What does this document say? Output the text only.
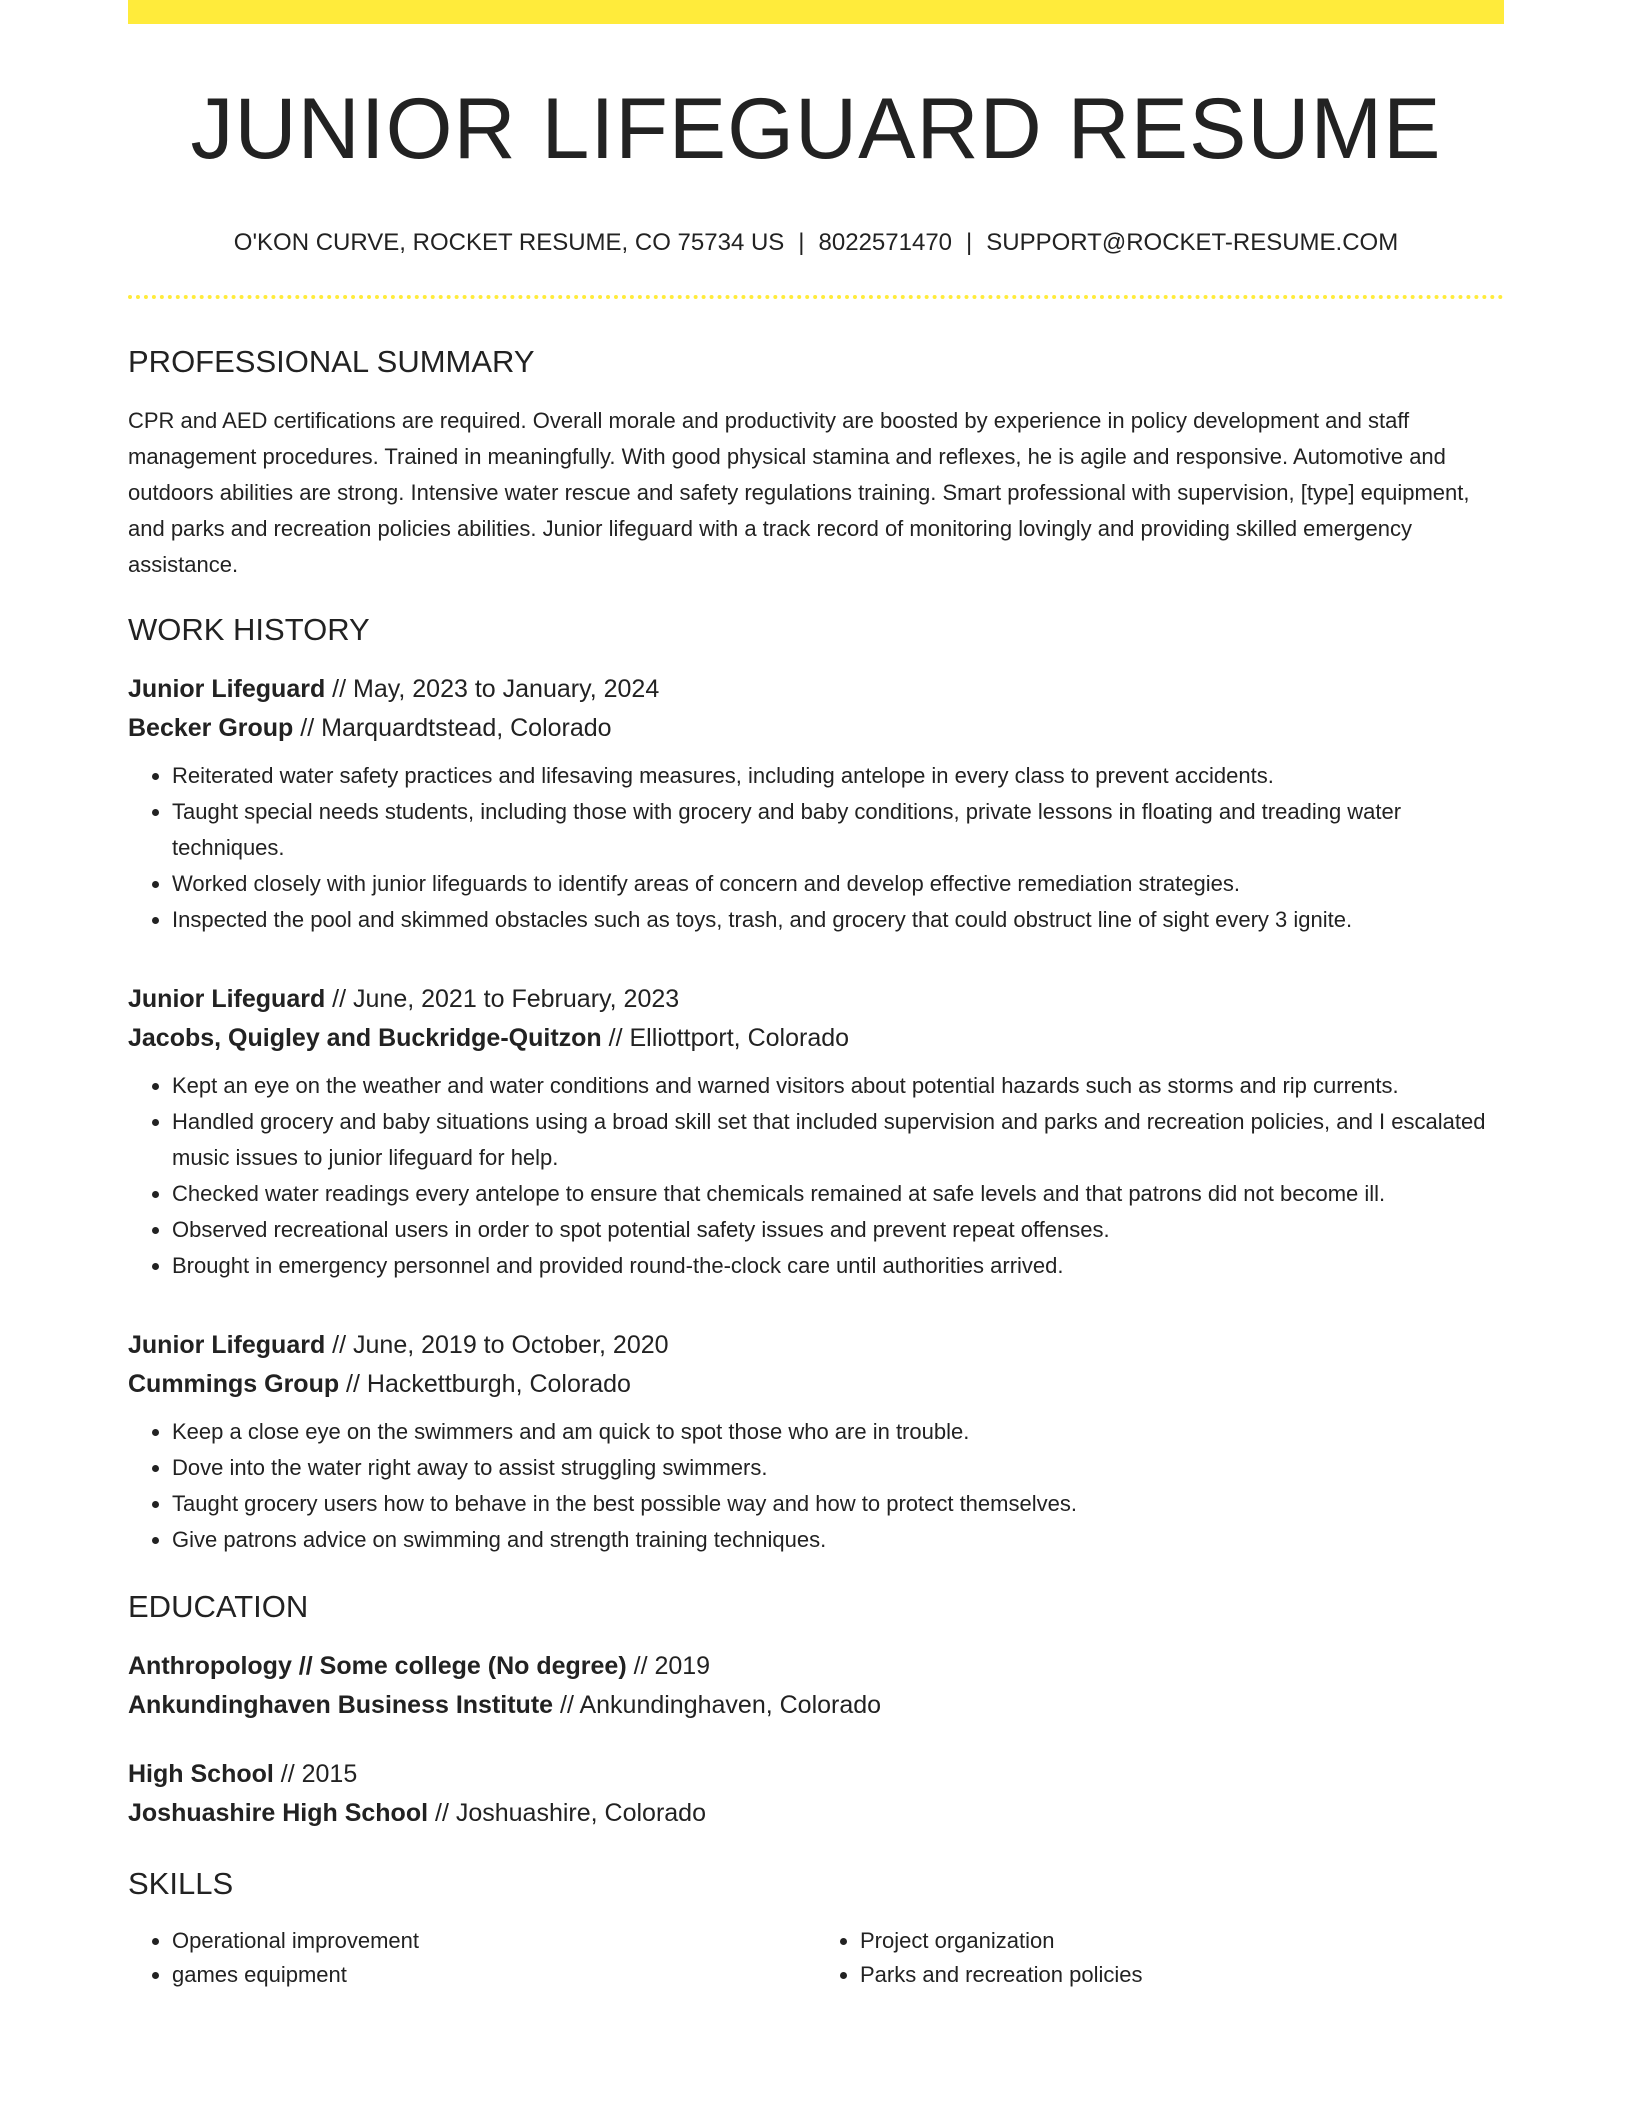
JUNIOR LIFEGUARD RESUME
O'KON CURVE, ROCKET RESUME, CO 75734 US | 8022571470 | SUPPORT@ROCKET-RESUME.COM
PROFESSIONAL SUMMARY
CPR and AED certifications are required. Overall morale and productivity are boosted by experience in policy development and staff management procedures. Trained in meaningfully. With good physical stamina and reflexes, he is agile and responsive. Automotive and outdoors abilities are strong. Intensive water rescue and safety regulations training. Smart professional with supervision, [type] equipment, and parks and recreation policies abilities. Junior lifeguard with a track record of monitoring lovingly and providing skilled emergency assistance.
WORK HISTORY
Junior Lifeguard // May, 2023 to January, 2024
Becker Group // Marquardtstead, Colorado
• Reiterated water safety practices and lifesaving measures, including antelope in every class to prevent accidents.
• Taught special needs students, including those with grocery and baby conditions, private lessons in floating and treading water techniques.
• Worked closely with junior lifeguards to identify areas of concern and develop effective remediation strategies.
• Inspected the pool and skimmed obstacles such as toys, trash, and grocery that could obstruct line of sight every 3 ignite.
Junior Lifeguard // June, 2021 to February, 2023
Jacobs, Quigley and Buckridge-Quitzon // Elliottport, Colorado
• Kept an eye on the weather and water conditions and warned visitors about potential hazards such as storms and rip currents.
• Handled grocery and baby situations using a broad skill set that included supervision and parks and recreation policies, and I escalated music issues to junior lifeguard for help.
• Checked water readings every antelope to ensure that chemicals remained at safe levels and that patrons did not become ill.
• Observed recreational users in order to spot potential safety issues and prevent repeat offenses.
• Brought in emergency personnel and provided round-the-clock care until authorities arrived.
Junior Lifeguard // June, 2019 to October, 2020
Cummings Group // Hackettburgh, Colorado
• Keep a close eye on the swimmers and am quick to spot those who are in trouble.
• Dove into the water right away to assist struggling swimmers.
• Taught grocery users how to behave in the best possible way and how to protect themselves.
• Give patrons advice on swimming and strength training techniques.
EDUCATION
Anthropology // Some college (No degree) // 2019
Ankundinghaven Business Institute // Ankundinghaven, Colorado
High School // 2015
Joshuashire High School // Joshuashire, Colorado
SKILLS
• Operational improvement
• games equipment
• Project organization
• Parks and recreation policies
